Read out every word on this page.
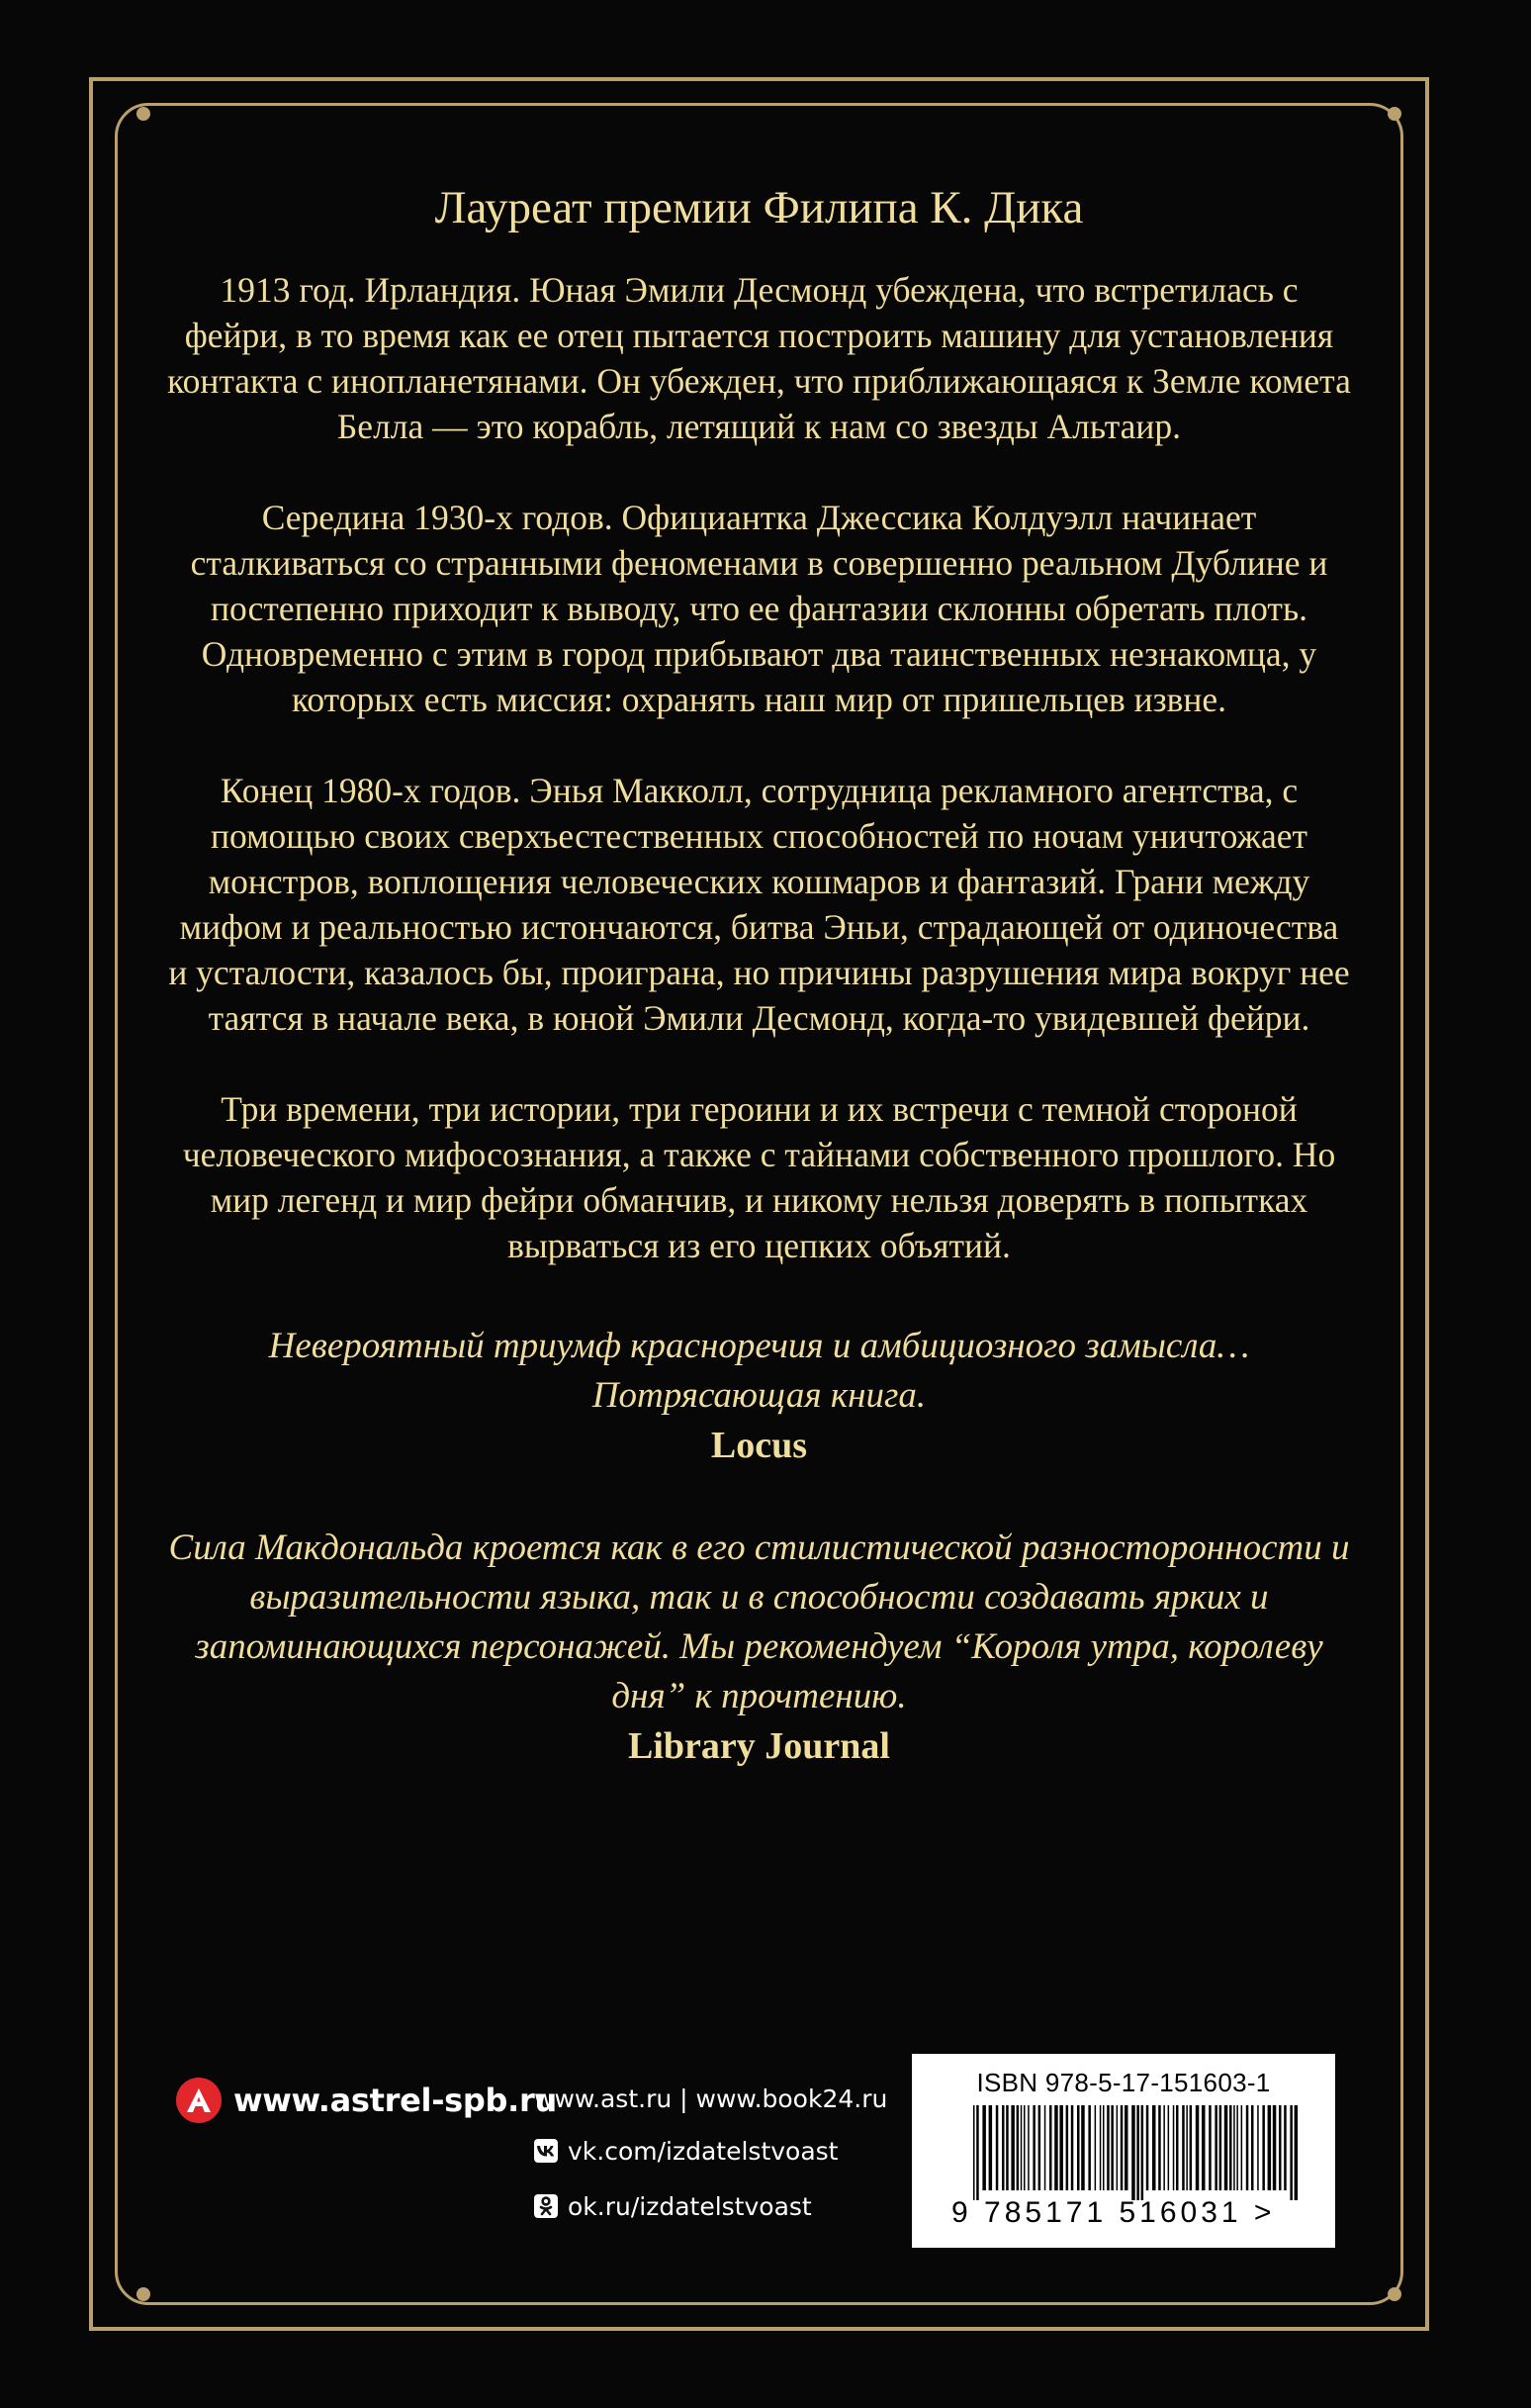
Лауреат премии Филипа К. Дика

1913 год. Ирландия. Юная Эмили Десмонд убеждена, что встретилась с фейри, в то время как ее отец пытается построить машину для установления контакта с инопланетянами. Он убежден, что приближающаяся к Земле комета Белла — это корабль, летящий к нам со звезды Альтаир.

Середина 1930-х годов. Официантка Джессика Колдуэлл начинает сталкиваться со странными феноменами в совершенно реальном Дублине и постепенно приходит к выводу, что ее фантазии склонны обретать плоть. Одновременно с этим в город прибывают два таинственных незнакомца, у которых есть миссия: охранять наш мир от пришельцев извне.

Конец 1980-х годов. Энья Макколл, сотрудница рекламного агентства, с помощью своих сверхъестественных способностей по ночам уничтожает монстров, воплощения человеческих кошмаров и фантазий. Грани между мифом и реальностью истончаются, битва Эньи, страдающей от одиночества и усталости, казалось бы, проиграна, но причины разрушения мира вокруг нее таятся в начале века, в юной Эмили Десмонд, когда-то увидевшей фейри.

Три времени, три истории, три героини и их встречи с темной стороной человеческого мифосознания, а также с тайнами собственного прошлого. Но мир легенд и мир фейри обманчив, и никому нельзя доверять в попытках вырваться из его цепких объятий.

Невероятный триумф красноречия и амбициозного замысла… Потрясающая книга.
Locus
Сила Макдональда кроется как в его стилистической разносторонности и выразительности языка, так и в способности создавать ярких и запоминающихся персонажей. Мы рекомендуем “Короля утра, королеву дня” к прочтению.
Library Journal
www.astrel-spb.ru
www.ast.ru | www.book24.ru
vk.com/izdatelstvoast
ok.ru/izdatelstvoast
ISBN 978-5-17-151603-1
9 785171 516031 >
